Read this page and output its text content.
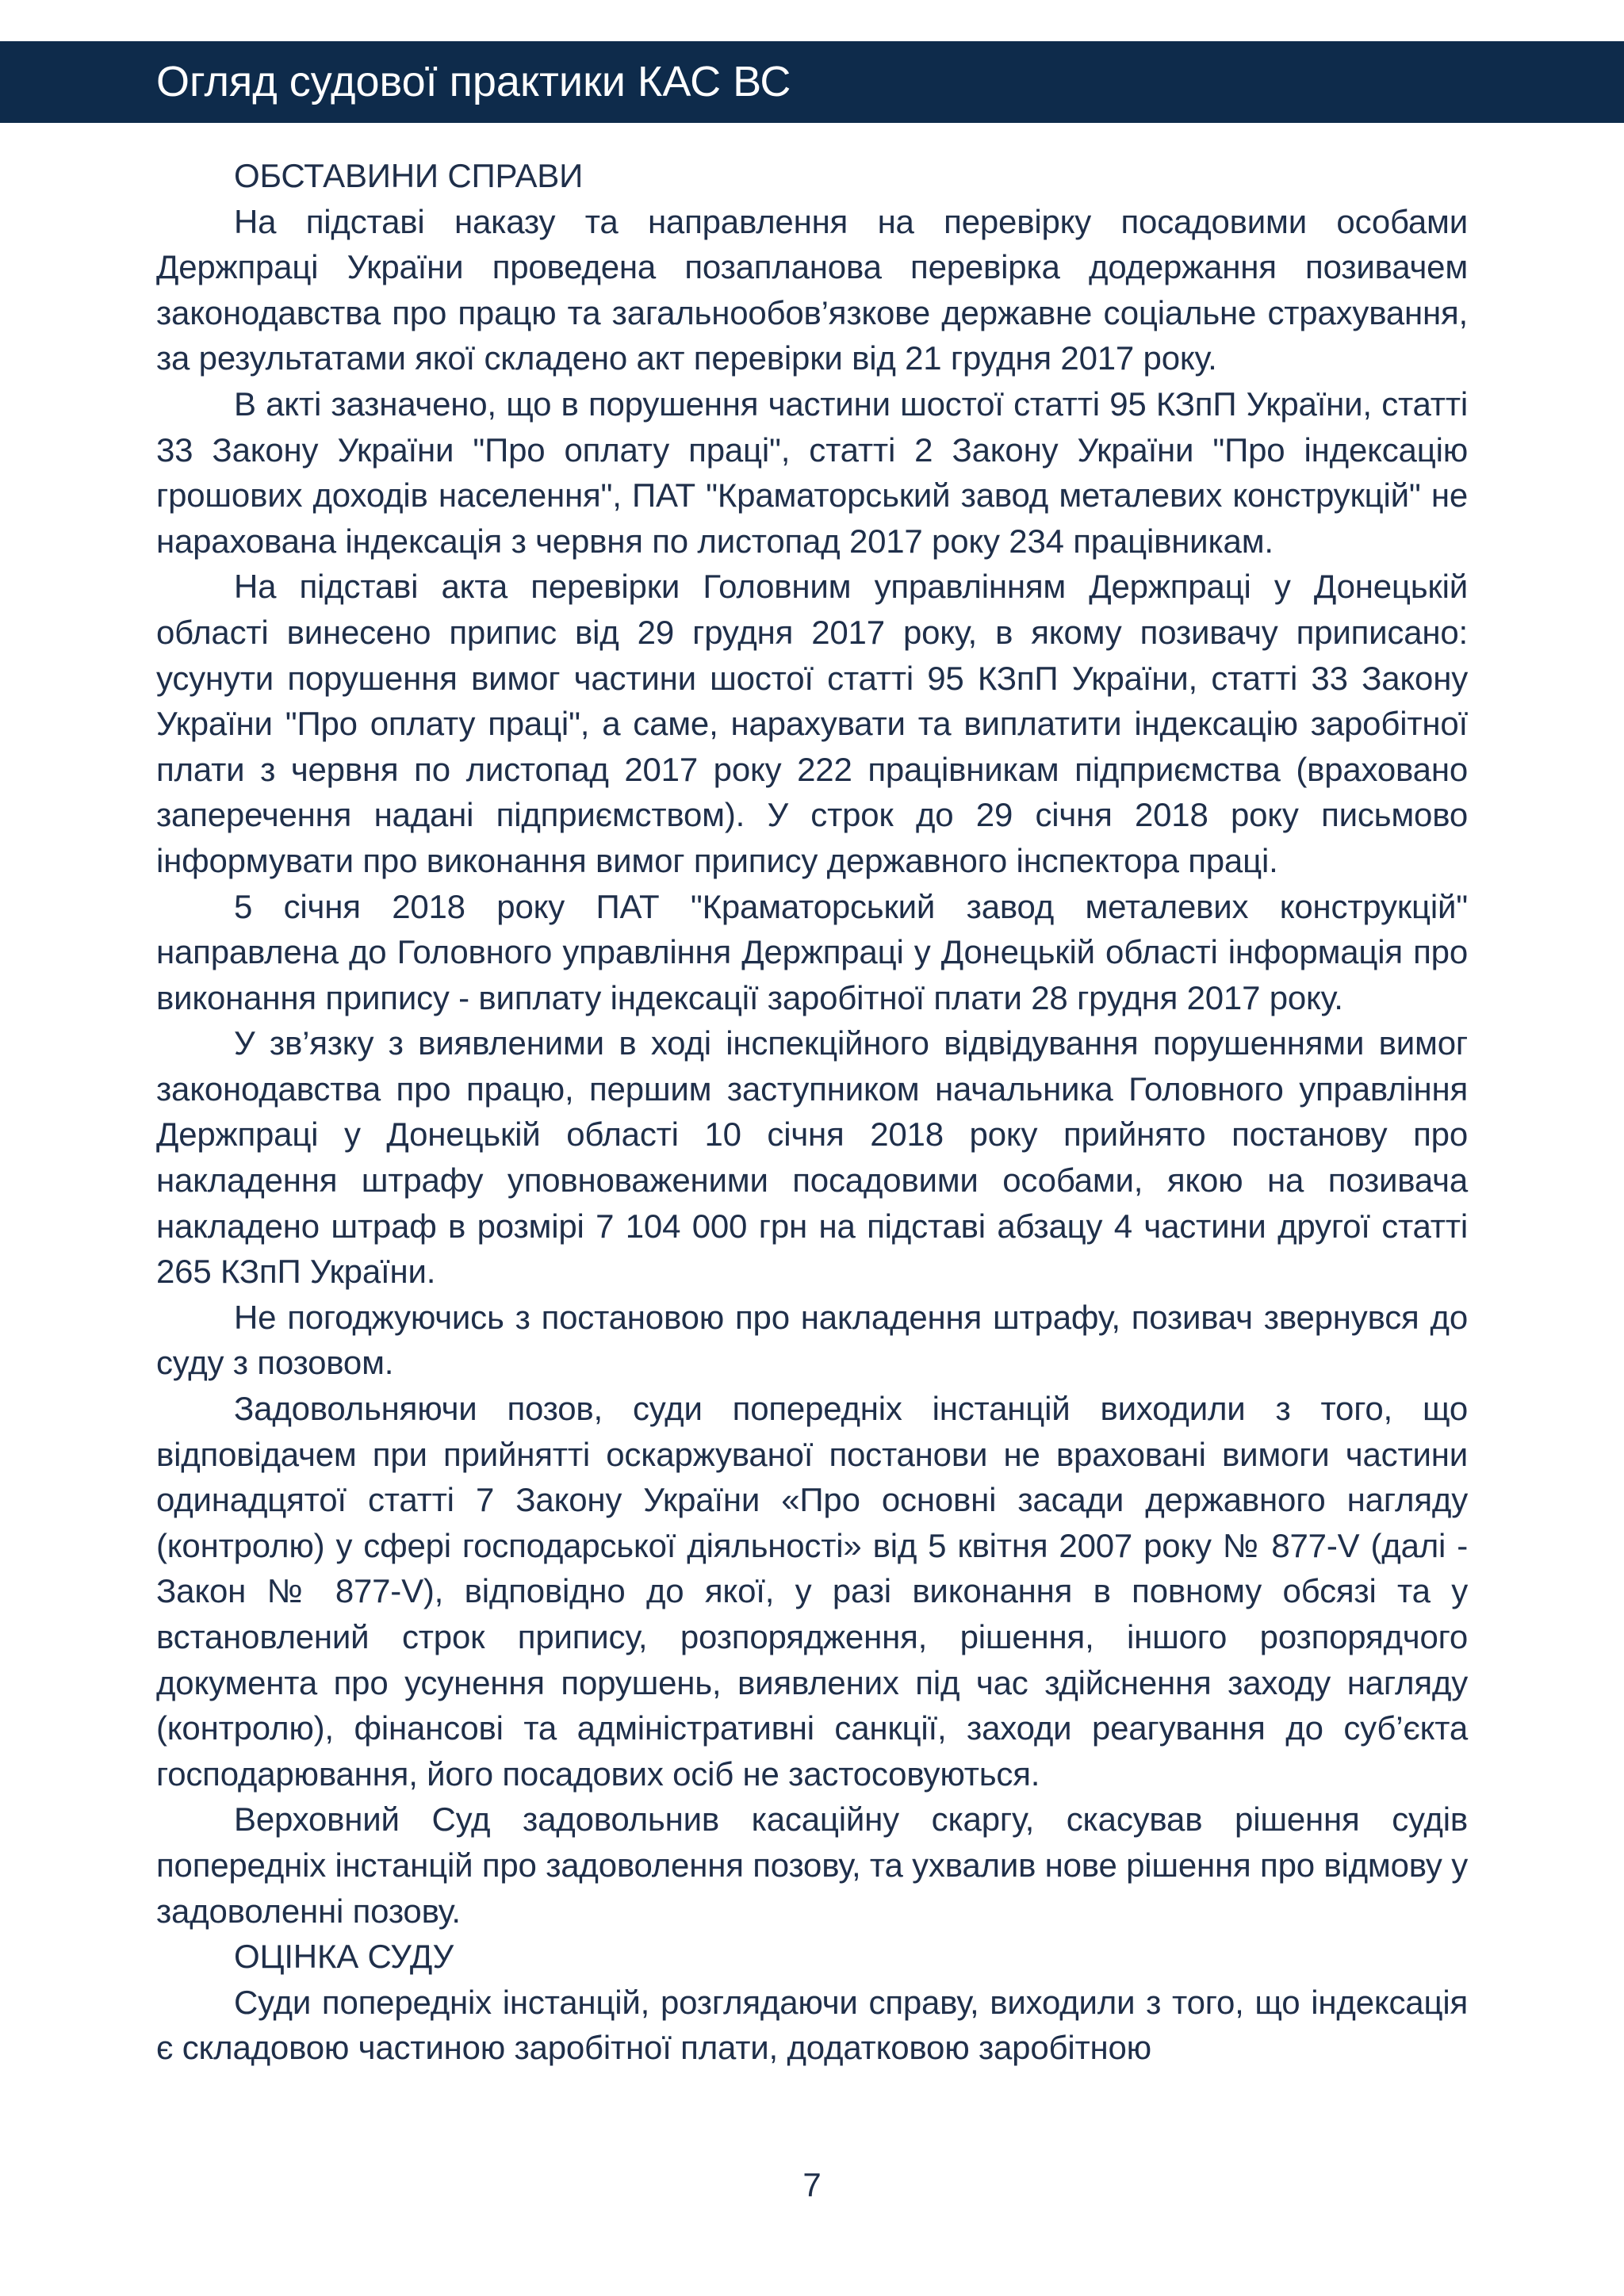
Огляд судової практики КАС ВС

ОБСТАВИНИ СПРАВИ

На підставі наказу та направлення на перевірку посадовими особами Держпраці України проведена позапланова перевірка додержання позивачем законодавства про працю та загальнообов’язкове державне соціальне страхування, за результатами якої складено акт перевірки від 21 грудня 2017 року.

В акті зазначено, що в порушення частини шостої статті 95 КЗпП України, статті 33 Закону України "Про оплату праці", статті 2 Закону України "Про індексацію грошових доходів населення", ПАТ "Краматорський завод металевих конструкцій" не нарахована індексація з червня по листопад 2017 року 234 працівникам.

На підставі акта перевірки Головним управлінням Держпраці у Донецькій області винесено припис від 29 грудня 2017 року, в якому позивачу приписано: усунути порушення вимог частини шостої статті 95 КЗпП України, статті 33 Закону України "Про оплату праці", а саме, нарахувати та виплатити індексацію заробітної плати з червня по листопад 2017 року 222 працівникам підприємства (враховано заперечення надані підприємством). У строк до 29 січня 2018 року письмово інформувати про виконання вимог припису державного інспектора праці.

5 січня 2018 року ПАТ "Краматорський завод металевих конструкцій" направлена до Головного управління Держпраці у Донецькій області інформація про виконання припису - виплату індексації заробітної плати 28 грудня 2017 року.

У зв’язку з виявленими в ході інспекційного відвідування порушеннями вимог законодавства про працю, першим заступником начальника Головного управління Держпраці у Донецькій області 10 січня 2018 року прийнято постанову про накладення штрафу уповноваженими посадовими особами, якою на позивача накладено штраф в розмірі 7 104 000 грн на підставі абзацу 4 частини другої статті 265 КЗпП України.

Не погоджуючись з постановою про накладення штрафу, позивач звернувся до суду з позовом.

Задовольняючи позов, суди попередніх інстанцій виходили з того, що відповідачем при прийнятті оскаржуваної постанови не враховані вимоги частини одинадцятої статті 7 Закону України «Про основні засади державного нагляду (контролю) у сфері господарської діяльності» від 5 квітня 2007 року № 877-V (далі - Закон № 877-V), відповідно до якої, у разі виконання в повному обсязі та у встановлений строк припису, розпорядження, рішення, іншого розпорядчого документа про усунення порушень, виявлених під час здійснення заходу нагляду (контролю), фінансові та адміністративні санкції, заходи реагування до суб’єкта господарювання, його посадових осіб не застосовуються.

Верховний Суд задовольнив касаційну скаргу, скасував рішення судів попередніх інстанцій про задоволення позову, та ухвалив нове рішення про відмову у задоволенні позову.

ОЦІНКА СУДУ

Суди попередніх інстанцій, розглядаючи справу, виходили з того, що індексація є складовою частиною заробітної плати, додатковою заробітною

7
